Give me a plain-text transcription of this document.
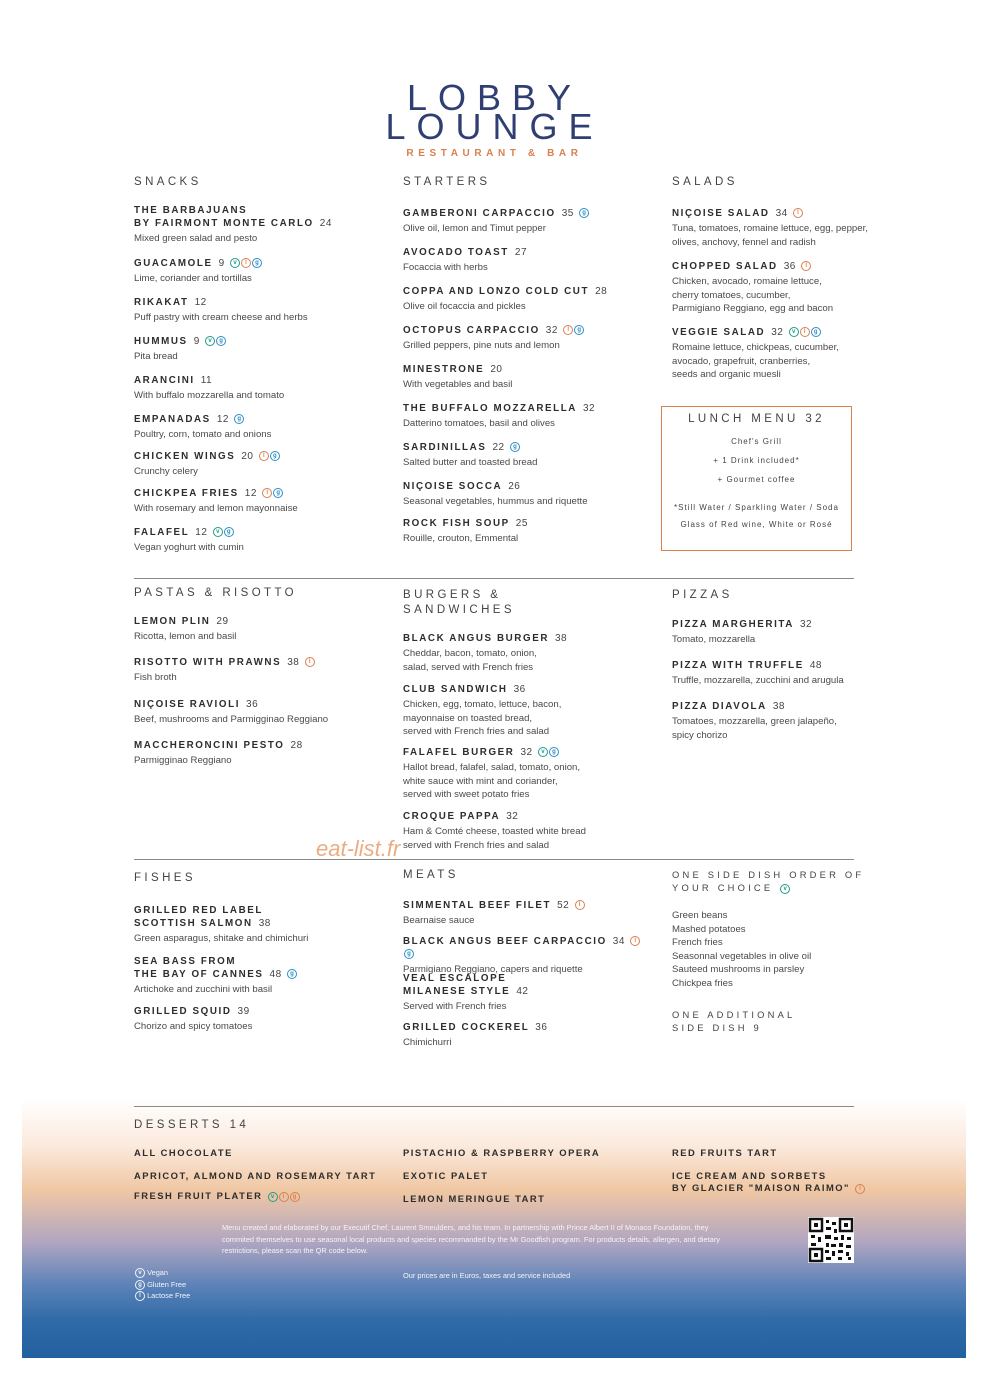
LOBBY
LOUNGE
RESTAURANT & BAR
SNACKS	STARTERS	SALADS
THE BARBAJUANS
BY FAIRMONT MONTE CARLO 24
Mixed green salad and pesto
GUACAMOLE 9 v l g
Lime, coriander and tortillas
RIKAKAT 12
Puff pastry with cream cheese and herbs
HUMMUS 9 v g
Pita bread
ARANCINI 11
With buffalo mozzarella and tomato
EMPANADAS 12 g
Poultry, corn, tomato and onions
CHICKEN WINGS 20 l g
Crunchy celery
CHICKPEA FRIES 12 l g
With rosemary and lemon mayonnaise
FALAFEL 12 v g
Vegan yoghurt with cumin
GAMBERONI CARPACCIO 35 g
Olive oil, lemon and Timut pepper
AVOCADO TOAST 27
Focaccia with herbs
COPPA AND LONZO COLD CUT 28
Olive oil focaccia and pickles
OCTOPUS CARPACCIO 32 l g
Grilled peppers, pine nuts and lemon
MINESTRONE 20
With vegetables and basil
THE BUFFALO MOZZARELLA 32
Datterino tomatoes, basil and olives
SARDINILLAS 22 g
Salted butter and toasted bread
NIÇOISE SOCCA 26
Seasonal vegetables, hummus and riquette
ROCK FISH SOUP 25
Rouille, crouton, Emmental
NIÇOISE SALAD 34 l
Tuna, tomatoes, romaine lettuce, egg, pepper,
olives, anchovy, fennel and radish
CHOPPED SALAD 36 l
Chicken, avocado, romaine lettuce,
cherry tomatoes, cucumber,
Parmigiano Reggiano, egg and bacon
VEGGIE SALAD 32 v l g
Romaine lettuce, chickpeas, cucumber,
avocado, grapefruit, cranberries,
seeds and organic muesli
LUNCH MENU 32
Chef's Grill
+ 1 Drink included*
+ Gourmet coffee
*Still Water / Sparkling Water / Soda
Glass of Red wine, White or Rosé
PASTAS & RISOTTO	BURGERS &
SANDWICHES
PIZZAS
LEMON PLIN 29
Ricotta, lemon and basil
RISOTTO WITH PRAWNS 38 l
Fish broth
NIÇOISE RAVIOLI 36
Beef, mushrooms and Parmigginao Reggiano
MACCHERONCINI PESTO 28
Parmigginao Reggiano
BLACK ANGUS BURGER 38
Cheddar, bacon, tomato, onion,
salad, served with French fries
CLUB SANDWICH 36
Chicken, egg, tomato, lettuce, bacon,
mayonnaise on toasted bread,
served with French fries and salad
FALAFEL BURGER 32 v g
Hallot bread, falafel, salad, tomato, onion,
white sauce with mint and coriander,
served with sweet potato fries
CROQUE PAPPA 32
Ham & Comté cheese, toasted white bread
served with French fries and salad
PIZZA MARGHERITA 32
Tomato, mozzarella
PIZZA WITH TRUFFLE 48
Truffle, mozzarella, zucchini and arugula
PIZZA DIAVOLA 38
Tomatoes, mozzarella, green jalapeño,
spicy chorizo
eat-list.fr
FISHES	MEATS	ONE SIDE DISH ORDER OF
YOUR CHOICE v
GRILLED RED LABEL
SCOTTISH SALMON 38
Green asparagus, shitake and chimichuri
SEA BASS FROM
THE BAY OF CANNES 48 g
Artichoke and zucchini with basil
GRILLED SQUID 39
Chorizo and spicy tomatoes
SIMMENTAL BEEF FILET 52 l
Bearnaise sauce
BLACK ANGUS BEEF CARPACCIO 34 lg
Parmigiano Reggiano, capers and riquette
VEAL ESCALOPE
MILANESE STYLE 42
Served with French fries
GRILLED COCKEREL 36
Chimichurri
Green beans
Mashed potatoes
French fries
Seasonnal vegetables in olive oil
Sauteed mushrooms in parsley
Chickpea fries
ONE ADDITIONAL
SIDE DISH 9
DESSERTS 14
ALL CHOCOLATE
APRICOT, ALMOND AND ROSEMARY TART
FRESH FRUIT PLATER v l g
PISTACHIO & RASPBERRY OPERA
EXOTIC PALET
LEMON MERINGUE TART
RED FRUITS TART
ICE CREAM AND SORBETS
BY GLACIER "MAISON RAIMO" l
Menu created and elaborated by our Executif Chef, Laurent Smeulders, and his team. In partnership with Prince Albert II of Monaco Foundation, they
commited themselves to use seasonal local products and species recommanded by the Mr Goodfish program. For products details, allergen, and dietary
restrictions, please scan the QR code below.
Our prices are in Euros, taxes and service included
v Vegan
g Gluten Free
l Lactose Free
